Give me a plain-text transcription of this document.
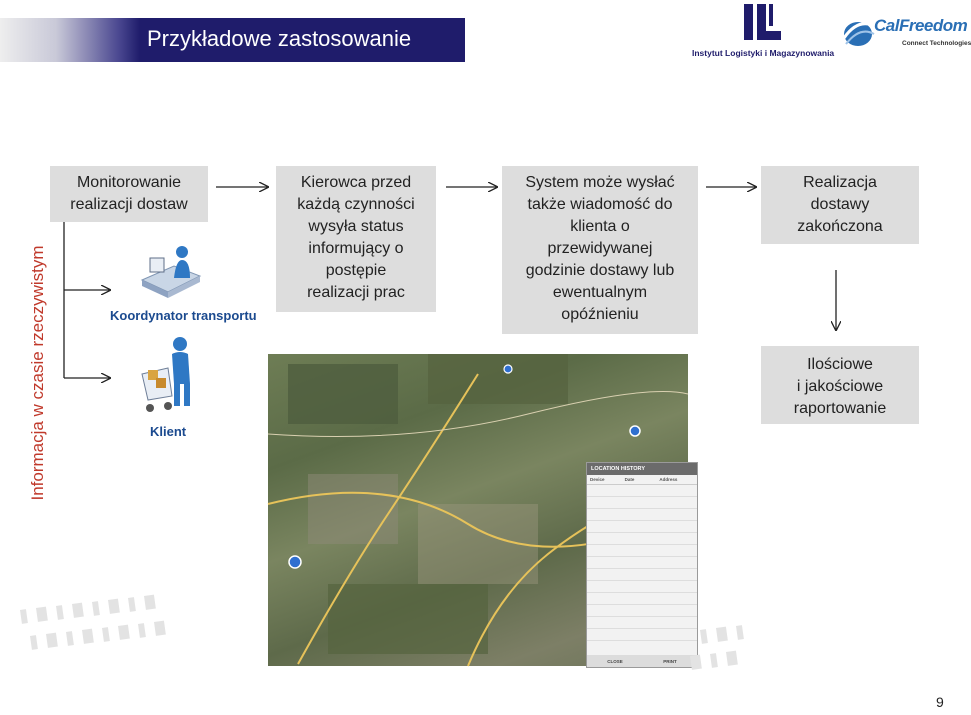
Przykładowe zastosowanie
Instytut Logistyki i Magazynowania
CalFreedom
Connect Technologies
Informacja w czasie rzeczywistym
Monitorowanie
realizacji dostaw
Kierowca przed
każdą czynności
wysyła status
informujący o
postępie
realizacji prac
System może wysłać
także wiadomość do
klienta o
przewidywanej
godzinie dostawy lub
ewentualnym
opóźnieniu
Realizacja
dostawy
zakończona
Ilościowe
i jakościowe
raportowanie
Koordynator transportu
Klient
LOCATION HISTORY
Device	Date	Address
CLOSE	PRINT
9
